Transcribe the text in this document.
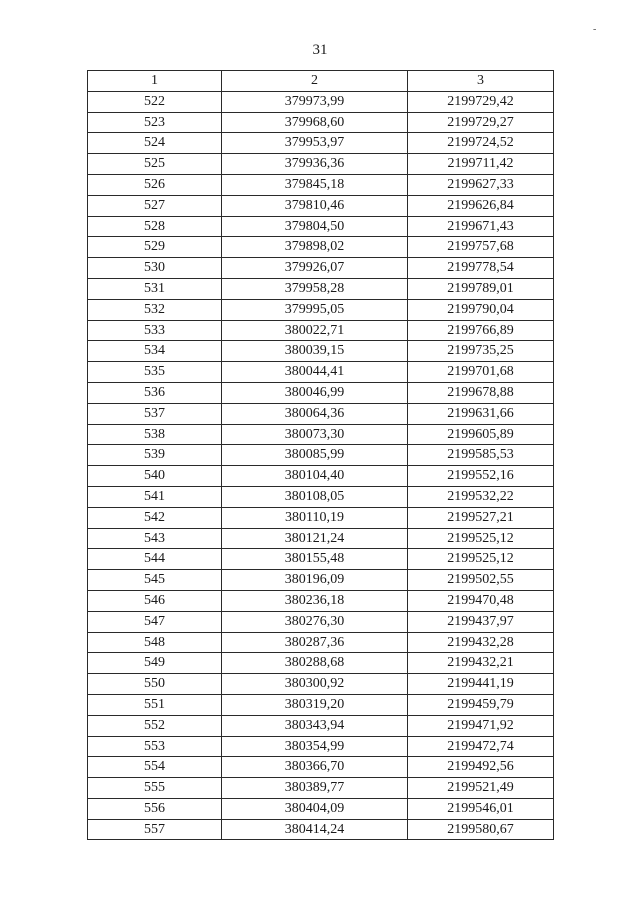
31
-
1	2	3
522	379973,99	2199729,42
523	379968,60	2199729,27
524	379953,97	2199724,52
525	379936,36	2199711,42
526	379845,18	2199627,33
527	379810,46	2199626,84
528	379804,50	2199671,43
529	379898,02	2199757,68
530	379926,07	2199778,54
531	379958,28	2199789,01
532	379995,05	2199790,04
533	380022,71	2199766,89
534	380039,15	2199735,25
535	380044,41	2199701,68
536	380046,99	2199678,88
537	380064,36	2199631,66
538	380073,30	2199605,89
539	380085,99	2199585,53
540	380104,40	2199552,16
541	380108,05	2199532,22
542	380110,19	2199527,21
543	380121,24	2199525,12
544	380155,48	2199525,12
545	380196,09	2199502,55
546	380236,18	2199470,48
547	380276,30	2199437,97
548	380287,36	2199432,28
549	380288,68	2199432,21
550	380300,92	2199441,19
551	380319,20	2199459,79
552	380343,94	2199471,92
553	380354,99	2199472,74
554	380366,70	2199492,56
555	380389,77	2199521,49
556	380404,09	2199546,01
557	380414,24	2199580,67
